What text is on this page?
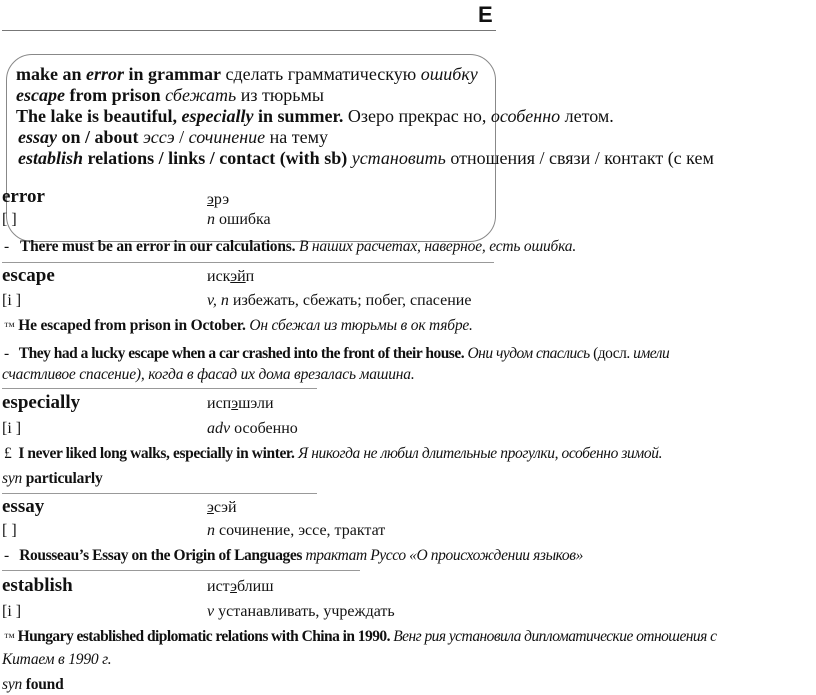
E
make an error in grammar сделать грамматическую ошибку
escape from prison сбежать из тюрьмы
The lake is beautiful, especially in summer. Озеро прекрас но, особенно летом.
essay on / about эссэ / сочинение на тему
establish relations / links / contact (with sb) установить отношения / связи / контакт (с кем
error	эрэ
[ ]	n ошибка
- There must be an error in our calculations. В наших расчетах, наверное, есть ошибка.
escape	искэйп
[i ]	v, n избежать, сбежать; побег, спасение
™ He escaped from prison in October. Он сбежал из тюрьмы в ок тябре.
- They had a lucky escape when a car crashed into the front of their house. Они чудом спаслись (досл. имели
счастливое спасение), когда в фасад их дома врезалась машина.
especially	испэшэли
[i ]	adv особенно
£ I never liked long walks, especially in winter. Я никогда не любил длительные прогулки, особенно зимой.
syn particularly
essay	эсэй
[ ]	n сочинение, эссе, трактат
- Rousseau’s Essay on the Origin of Languages трактат Руссо «О происхождении языков»
establish	истэблиш
[i ]	v устанавливать, учреждать
™ Hungary established diplomatic relations with China in 1990. Венг рия установила дипломатические отношения с
Китаем в 1990 г.
syn found
